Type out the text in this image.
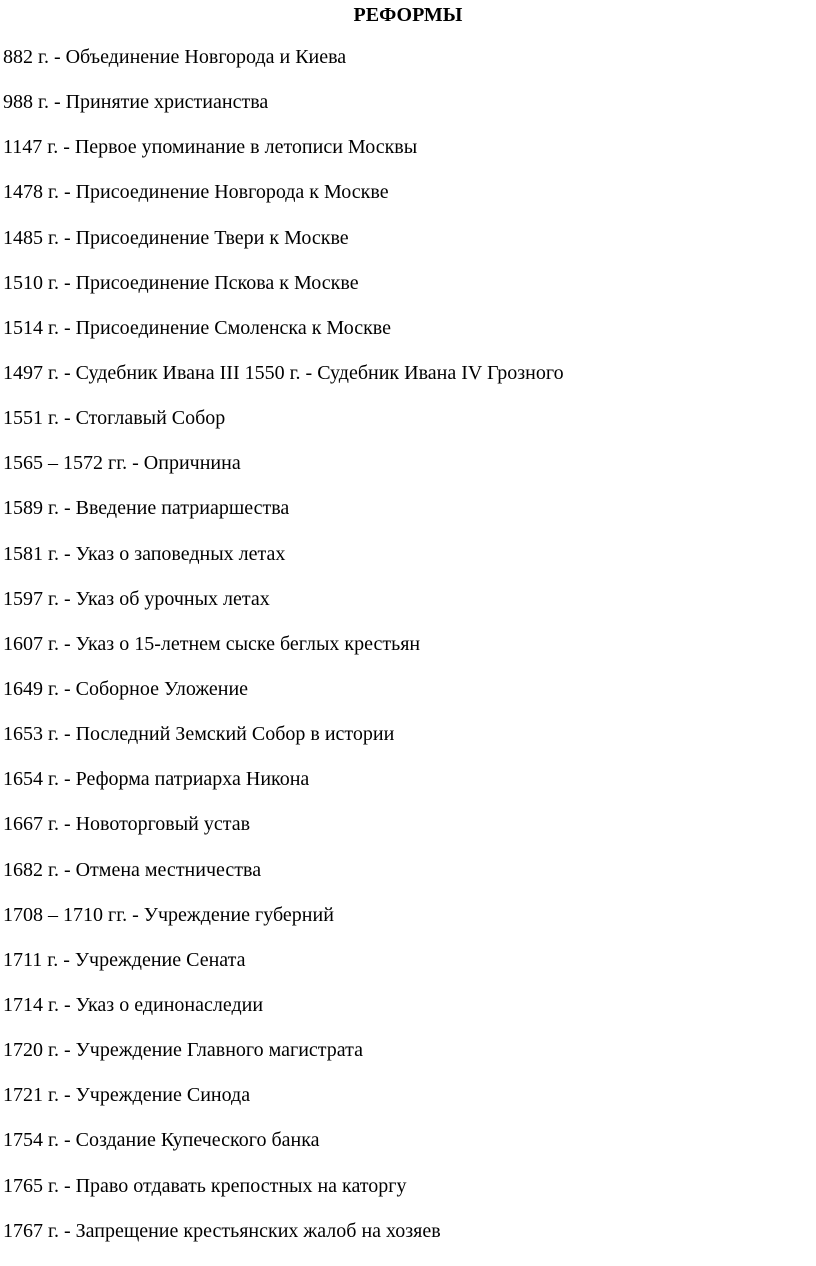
РЕФОРМЫ
882 г. - Объединение Новгорода и Киева
988 г. - Принятие христианства
1147 г. - Первое упоминание в летописи Москвы
1478 г. - Присоединение Новгорода к Москве
1485 г. - Присоединение Твери к Москве
1510 г. - Присоединение Пскова к Москве
1514 г. - Присоединение Смоленска к Москве
1497 г. - Судебник Ивана III 1550 г. - Судебник Ивана IV Грозного
1551 г. - Стоглавый Собор
1565 – 1572 гг. - Опричнина
1589 г. - Введение патриаршества
1581 г. - Указ о заповедных летах
1597 г. - Указ об урочных летах
1607 г. - Указ о 15-летнем сыске беглых крестьян
1649 г. - Соборное Уложение
1653 г. - Последний Земский Собор в истории
1654 г. - Реформа патриарха Никона
1667 г. - Новоторговый устав
1682 г. - Отмена местничества
1708 – 1710 гг. - Учреждение губерний
1711 г. - Учреждение Сената
1714 г. - Указ о единонаследии
1720 г. - Учреждение Главного магистрата
1721 г. - Учреждение Синода
1754 г. - Создание Купеческого банка
1765 г. - Право отдавать крепостных на каторгу
1767 г. - Запрещение крестьянских жалоб на хозяев
